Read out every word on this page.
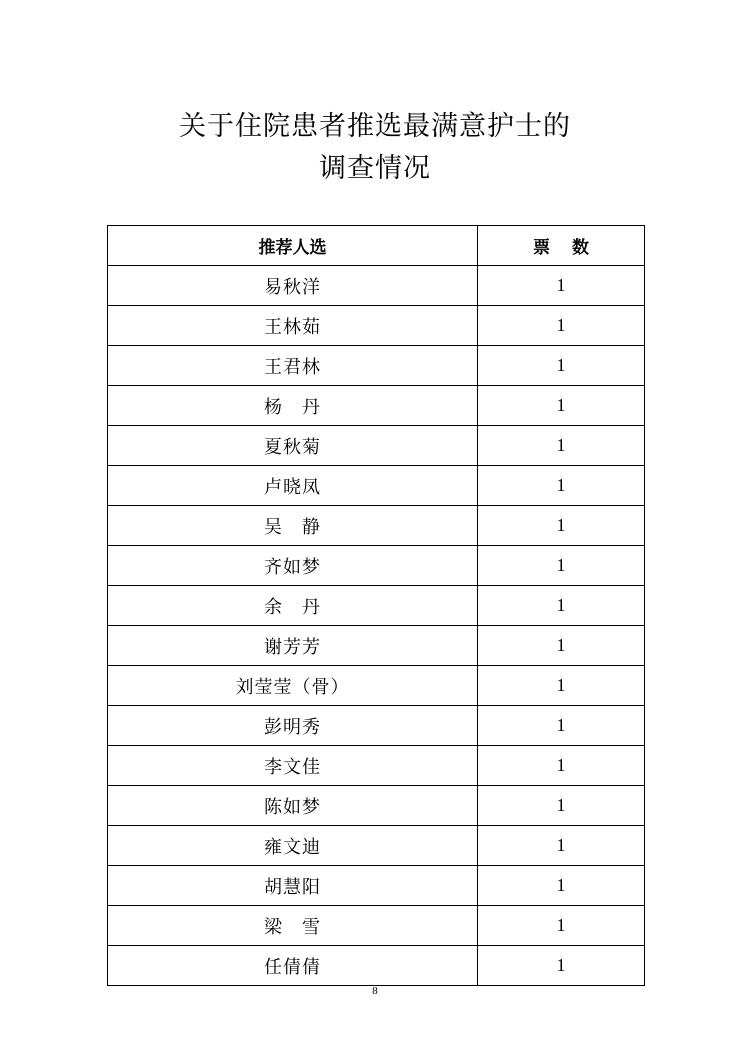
关于住院患者推选最满意护士的
调查情况
推荐人选	票数
易秋洋	1
王林茹	1
王君林	1
杨　丹	1
夏秋菊	1
卢晓凤	1
吴　静	1
齐如梦	1
余　丹	1
谢芳芳	1
刘莹莹（骨）	1
彭明秀	1
李文佳	1
陈如梦	1
雍文迪	1
胡慧阳	1
梁　雪	1
任倩倩	1
8
